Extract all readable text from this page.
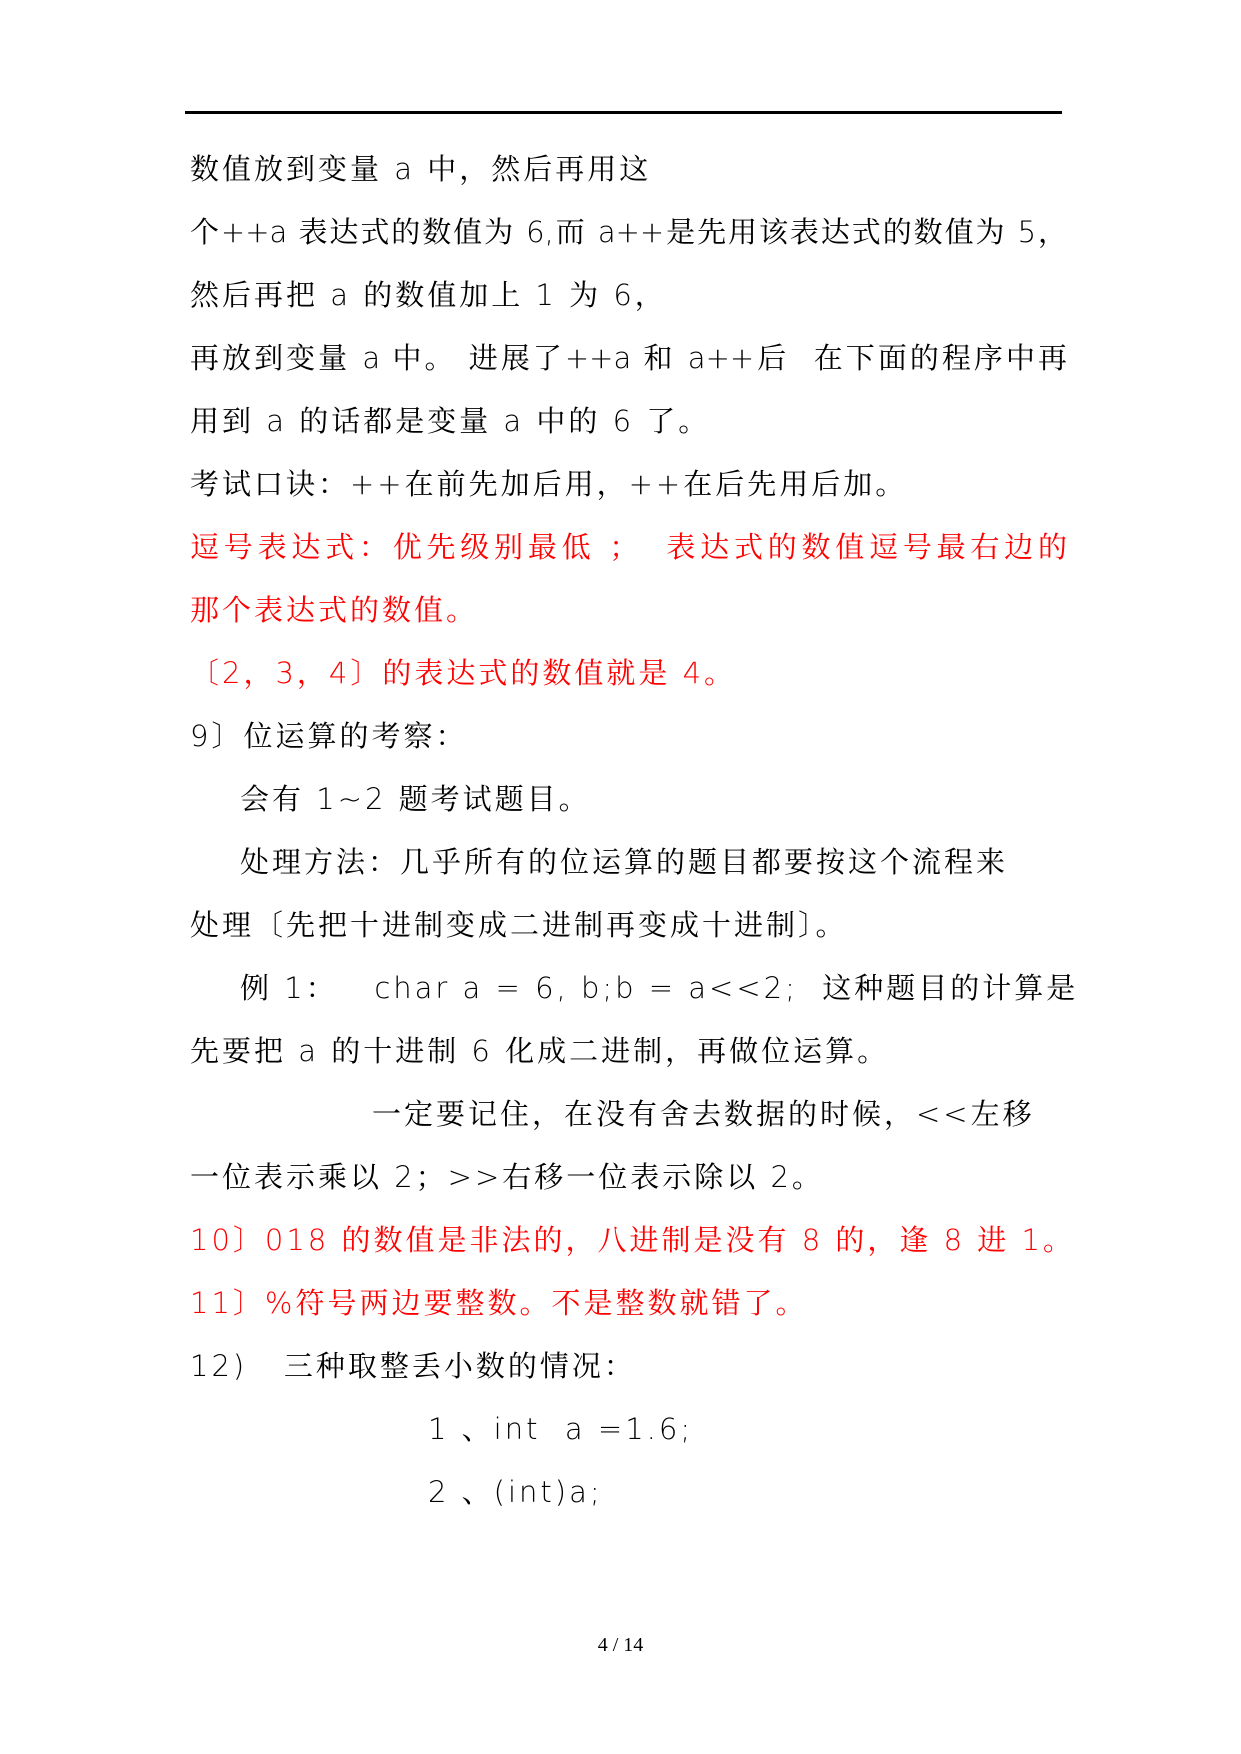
数值放到变量 a 中，然后再用这
个++a 表达式的数值为 6,而 a++是先用该表达式的数值为 5，
然后再把 a 的数值加上 1 为 6，
再放到变量 a 中。 进展了++a 和 a++后  在下面的程序中再
用到 a 的话都是变量 a 中的 6 了。
考试口诀：++在前先加后用，++在后先用后加。
逗号表达式：优先级别最低 ；  表达式的数值逗号最右边的
那个表达式的数值。
〔2，3，4〕的表达式的数值就是 4。
9〕位运算的考察：
会有 1~2 题考试题目。
处理方法：几乎所有的位运算的题目都要按这个流程来
处理〔先把十进制变成二进制再变成十进制〕。
例 1：   char a = 6, b;b = a<<2;  这种题目的计算是
先要把 a 的十进制 6 化成二进制，再做位运算。
一定要记住，在没有舍去数据的时候，<<左移
一位表示乘以 2；>>右移一位表示除以 2。
10〕018 的数值是非法的，八进制是没有 8 的，逢 8 进 1。
11〕%符号两边要整数。不是整数就错了。
12)   三种取整丢小数的情况：
1 、int  a =1.6;
2 、(int)a;
4 / 14
